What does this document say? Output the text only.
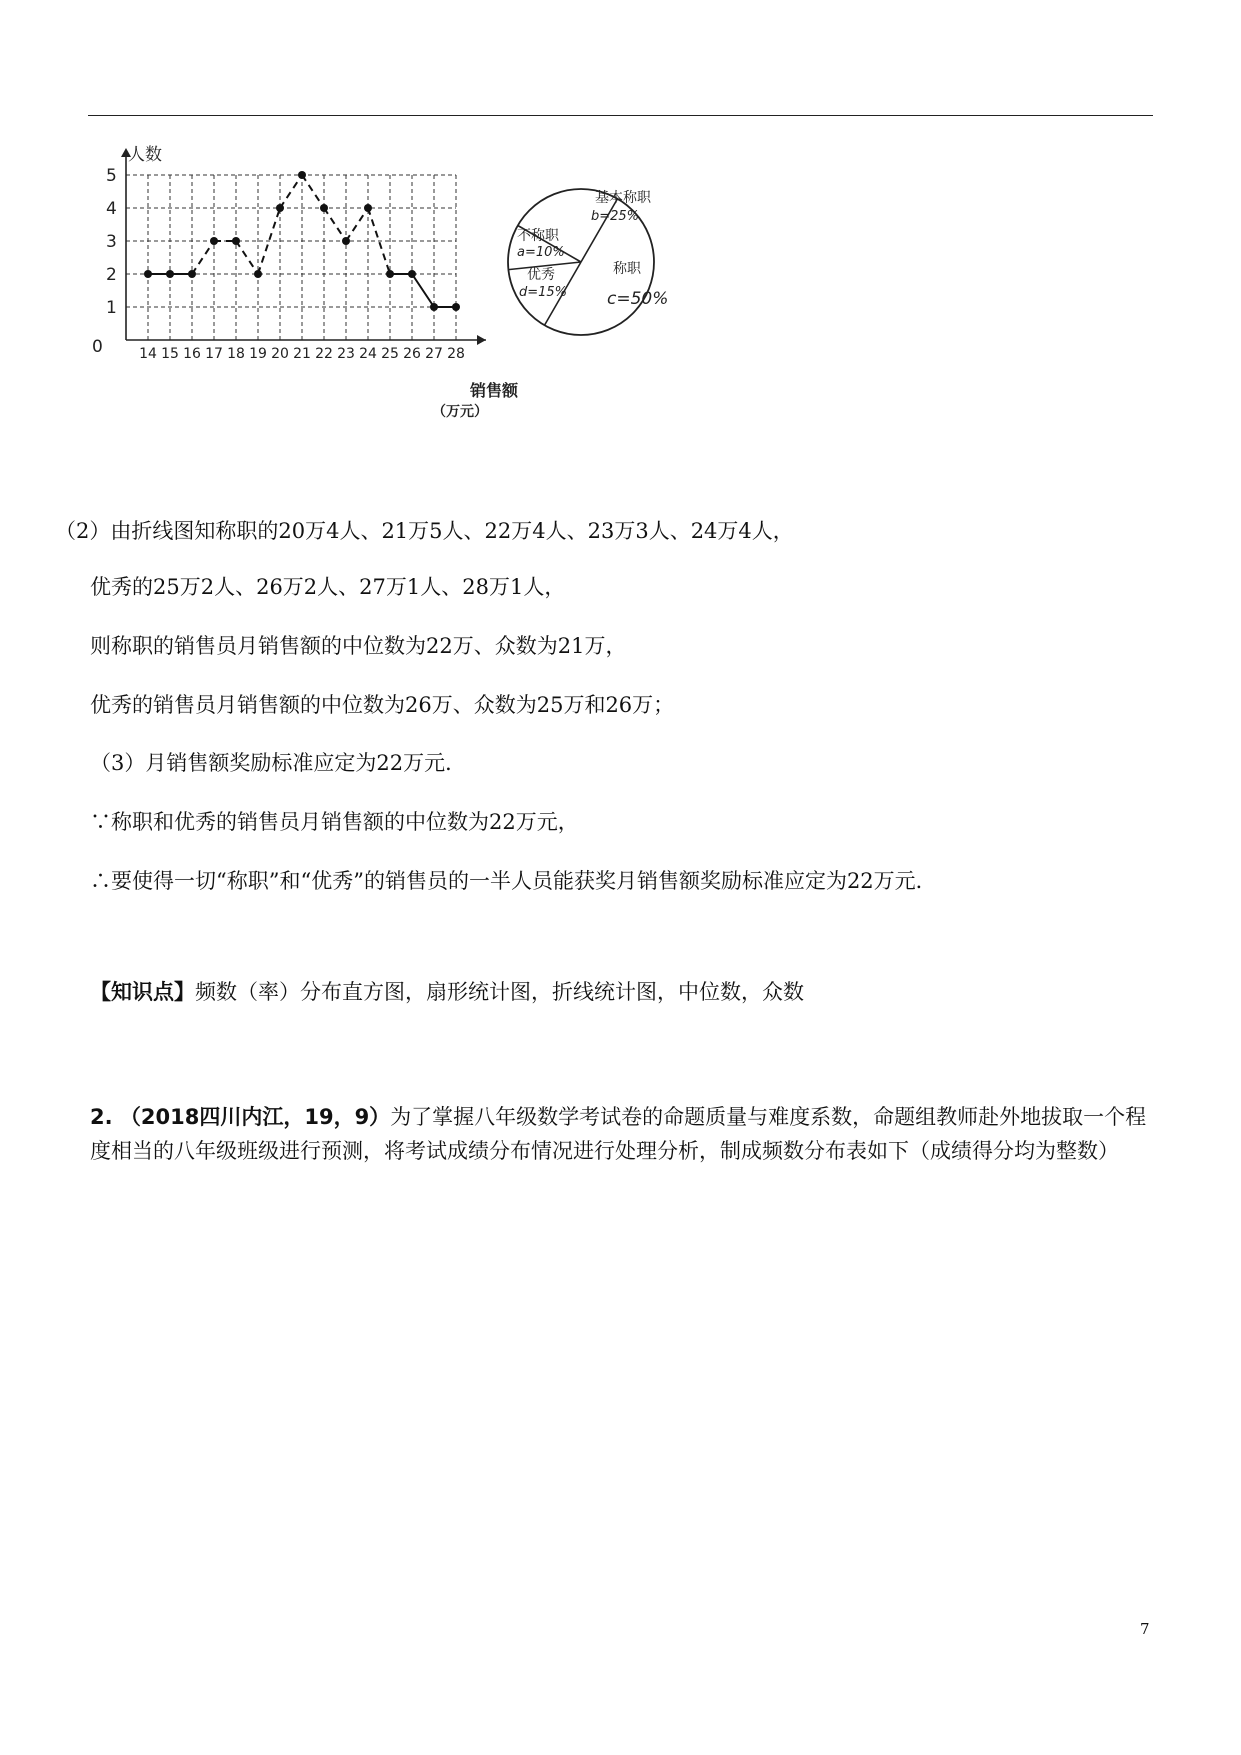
0
1
2
3
4
5
14 15 16 17 18 19 20 21 22 23 24 25 26 27 28
人数
销售额
（万元）
基本称职
b=25%
不称职
a=10%
优秀
d=15%
称职
c=50%
（2）由折线图知称职的20万4人、21万5人、22万4人、23万3人、24万4人，
优秀的25万2人、26万2人、27万1人、28万1人，
则称职的销售员月销售额的中位数为22万、众数为21万，
优秀的销售员月销售额的中位数为26万、众数为25万和26万；
（3）月销售额奖励标准应定为22万元．
∵称职和优秀的销售员月销售额的中位数为22万元，
∴要使得一切“称职”和“优秀”的销售员的一半人员能获奖月销售额奖励标准应定为22万元．
【知识点】频数（率）分布直方图，扇形统计图，折线统计图，中位数，众数
2. （2018四川内江，19，9）为了掌握八年级数学考试卷的命题质量与难度系数，命题组教师赴外地拔取一个程度相当的八年级班级进行预测，将考试成绩分布情况进行处理分析，制成频数分布表如下（成绩得分均为整数）
7
